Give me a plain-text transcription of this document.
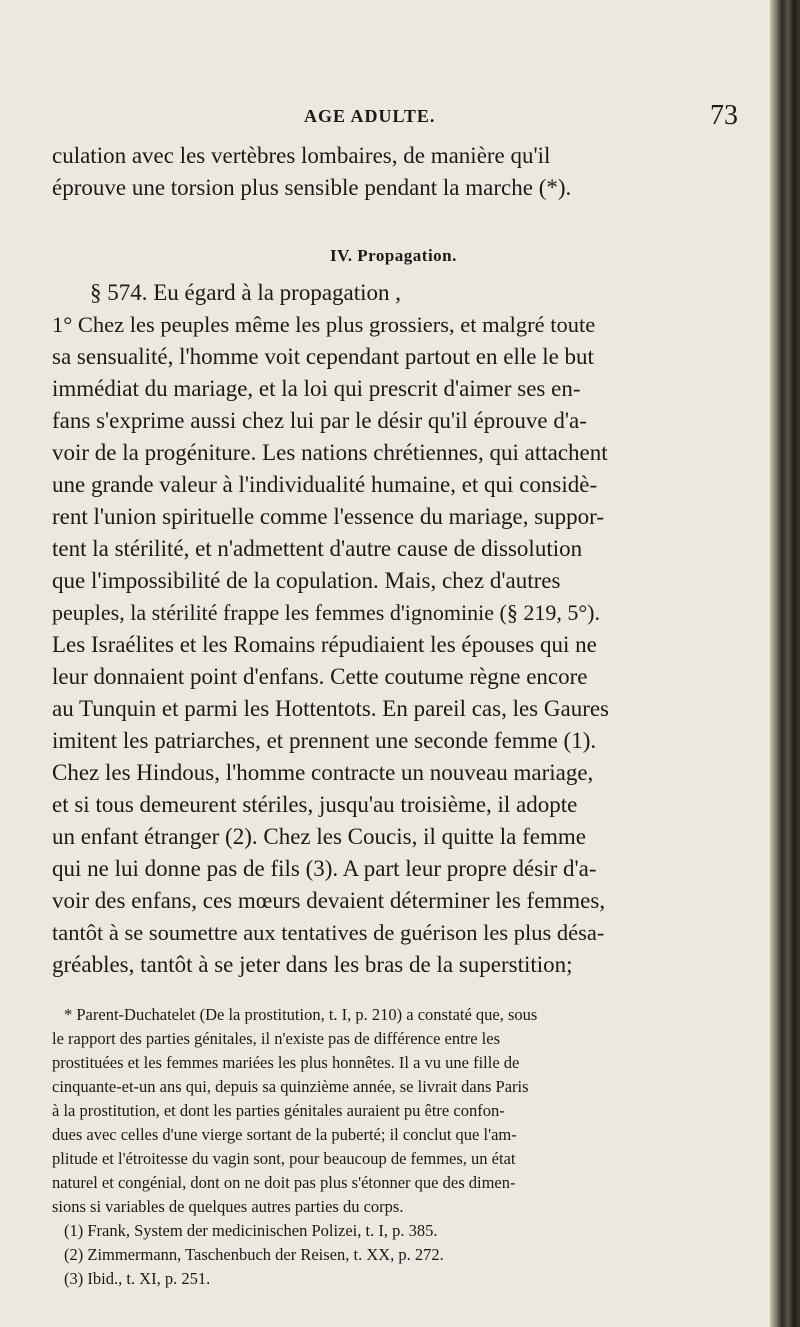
AGE ADULTE.	73
culation avec les vertèbres lombaires, de manière qu'il
éprouve une torsion plus sensible pendant la marche (*).
IV. Propagation.
§ 574. Eu égard à la propagation ,
1° Chez les peuples même les plus grossiers, et malgré toute
sa sensualité, l'homme voit cependant partout en elle le but
immédiat du mariage, et la loi qui prescrit d'aimer ses en-
fans s'exprime aussi chez lui par le désir qu'il éprouve d'a-
voir de la progéniture. Les nations chrétiennes, qui attachent
une grande valeur à l'individualité humaine, et qui considè-
rent l'union spirituelle comme l'essence du mariage, suppor-
tent la stérilité, et n'admettent d'autre cause de dissolution
que l'impossibilité de la copulation. Mais, chez d'autres
peuples, la stérilité frappe les femmes d'ignominie (§ 219, 5°).
Les Israélites et les Romains répudiaient les épouses qui ne
leur donnaient point d'enfans. Cette coutume règne encore
au Tunquin et parmi les Hottentots. En pareil cas, les Gaures
imitent les patriarches, et prennent une seconde femme (1).
Chez les Hindous, l'homme contracte un nouveau mariage,
et si tous demeurent stériles, jusqu'au troisième, il adopte
un enfant étranger (2). Chez les Coucis, il quitte la femme
qui ne lui donne pas de fils (3). A part leur propre désir d'a-
voir des enfans, ces mœurs devaient déterminer les femmes,
tantôt à se soumettre aux tentatives de guérison les plus désa-
gréables, tantôt à se jeter dans les bras de la superstition;
* Parent-Duchatelet (De la prostitution, t. I, p. 210) a constaté que, sous
le rapport des parties génitales, il n'existe pas de différence entre les
prostituées et les femmes mariées les plus honnêtes. Il a vu une fille de
cinquante-et-un ans qui, depuis sa quinzième année, se livrait dans Paris
à la prostitution, et dont les parties génitales auraient pu être confon-
dues avec celles d'une vierge sortant de la puberté; il conclut que l'am-
plitude et l'étroitesse du vagin sont, pour beaucoup de femmes, un état
naturel et congénial, dont on ne doit pas plus s'étonner que des dimen-
sions si variables de quelques autres parties du corps.
(1) Frank, System der medicinischen Polizei, t. I, p. 385.
(2) Zimmermann, Taschenbuch der Reisen, t. XX, p. 272.
(3) Ibid., t. XI, p. 251.
